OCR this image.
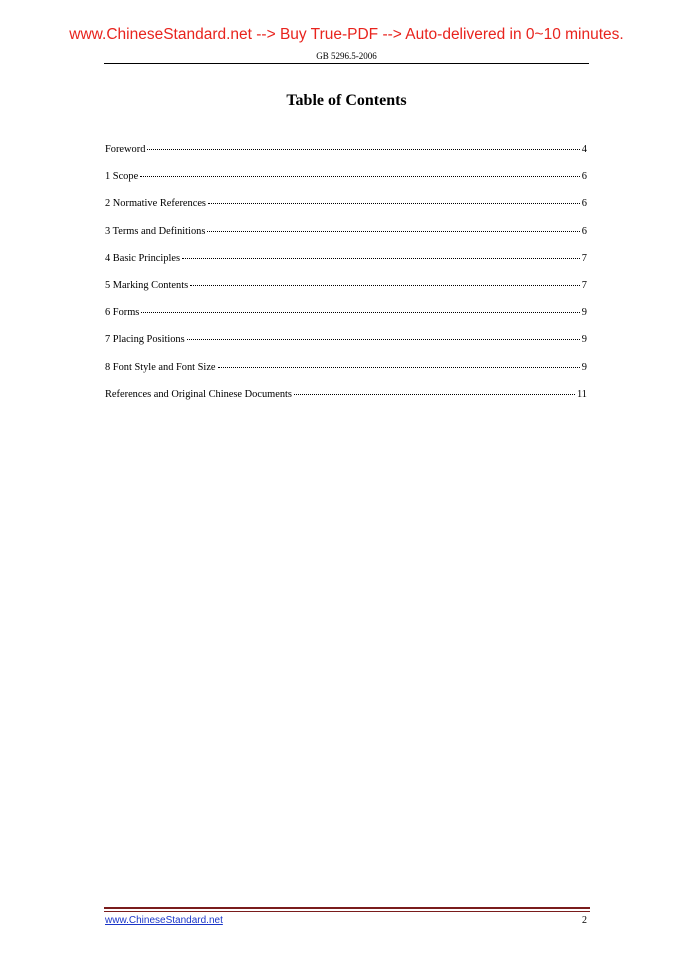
www.ChineseStandard.net --> Buy True-PDF --> Auto-delivered in 0~10 minutes.
GB 5296.5-2006
Table of Contents
Foreword	4
1 Scope	6
2 Normative References	6
3 Terms and Definitions	6
4 Basic Principles	7
5 Marking Contents	7
6 Forms	9
7 Placing Positions	9
8 Font Style and Font Size	9
References and Original Chinese Documents	11
www.ChineseStandard.net	2
